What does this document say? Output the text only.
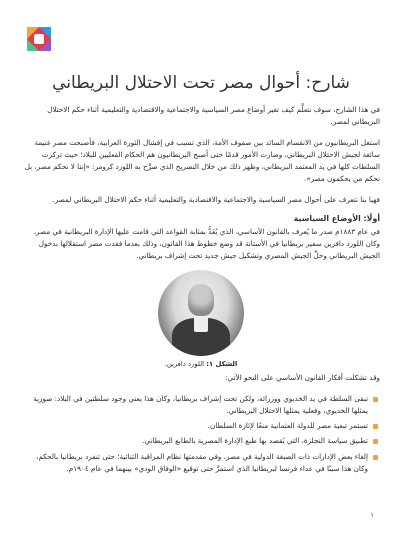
شارح: أحوال مصر تحت الاحتلال البريطاني

في هذا الشارح، سوف نتعلَّم كيف تغير أوضاع مصر السياسية والاجتماعية والاقتصادية والتعليمية أثناء حكم الاحتلال البريطاني لمصر.

استغل البريطانيون من الانقسام السائد بين صفوف الأمة، الذي تسبب في إفشال الثورة العرابية، فأصبحت مصر غنيمة سائغة لجيش الاحتلال البريطاني، وصارت الأمور قدمًا حتى أصبح البريطانيون هم الحكام الفعليين للبلاد؛ حيث تركزت السلطات كلها في يد المعتمد البريطاني، وظهر ذلك من خلال التصريح الذي صرَّح به اللورد كرومر: «إننا لا نحكم مصر، بل نحكم من يحكمون مصر».

فهيا بنا نتعرف على أحوال مصر السياسية والاجتماعية والاقتصادية والتعليمية أثناء حكم الاحتلال البريطاني لمصر.

أولًا: الأوضاع السياسية

في عام ١٨٨٣م صدر ما يُعرف بالقانون الأساسي، الذي يُعَدُّ بمثابة القواعد التي قامت عليها الإدارة البريطانية في مصر، وكان اللورد دافرين سفير بريطانيا في الأستانة قد وضع خطوط هذا القانون، وذلك بعدما فقدت مصر استقلالها بدخول الجيش البريطاني وحلِّ الجيش المصري وتشكيل جيش جديد تحت إشراف بريطاني.

الشكل ١: اللورد دافرين.

وقد تشكلت أفكار القانون الأساسي على النحو الآتي:

تبقى السلطة في يد الخديوي ووزرائه، ولكن تحت إشراف بريطانيا، وكان هذا يعني وجود سلطتين في البلاد: صورية يمثلها الخديوي، وفعلية يمثلها الاحتلال البريطاني.
تستمر تبعية مصر للدولة العثمانية منعًا لإثارة السلطان.
تطبيق سياسة النجلزة، التي يُقصد بها طبع الإدارة المصرية بالطابع البريطاني.
إلغاء بعض الإدارات ذات الصبغة الدولية في مصر، وفي مقدمتها نظام المراقبة الثنائية؛ حتى تنفرد بريطانيا بالحكم، وكان هذا سببًا في عداء فرنسا لبريطانيا الذي استمرَّ حتى توقيع «الوفاق الودي» بينهما في عام ١٩٠٤م.
١
